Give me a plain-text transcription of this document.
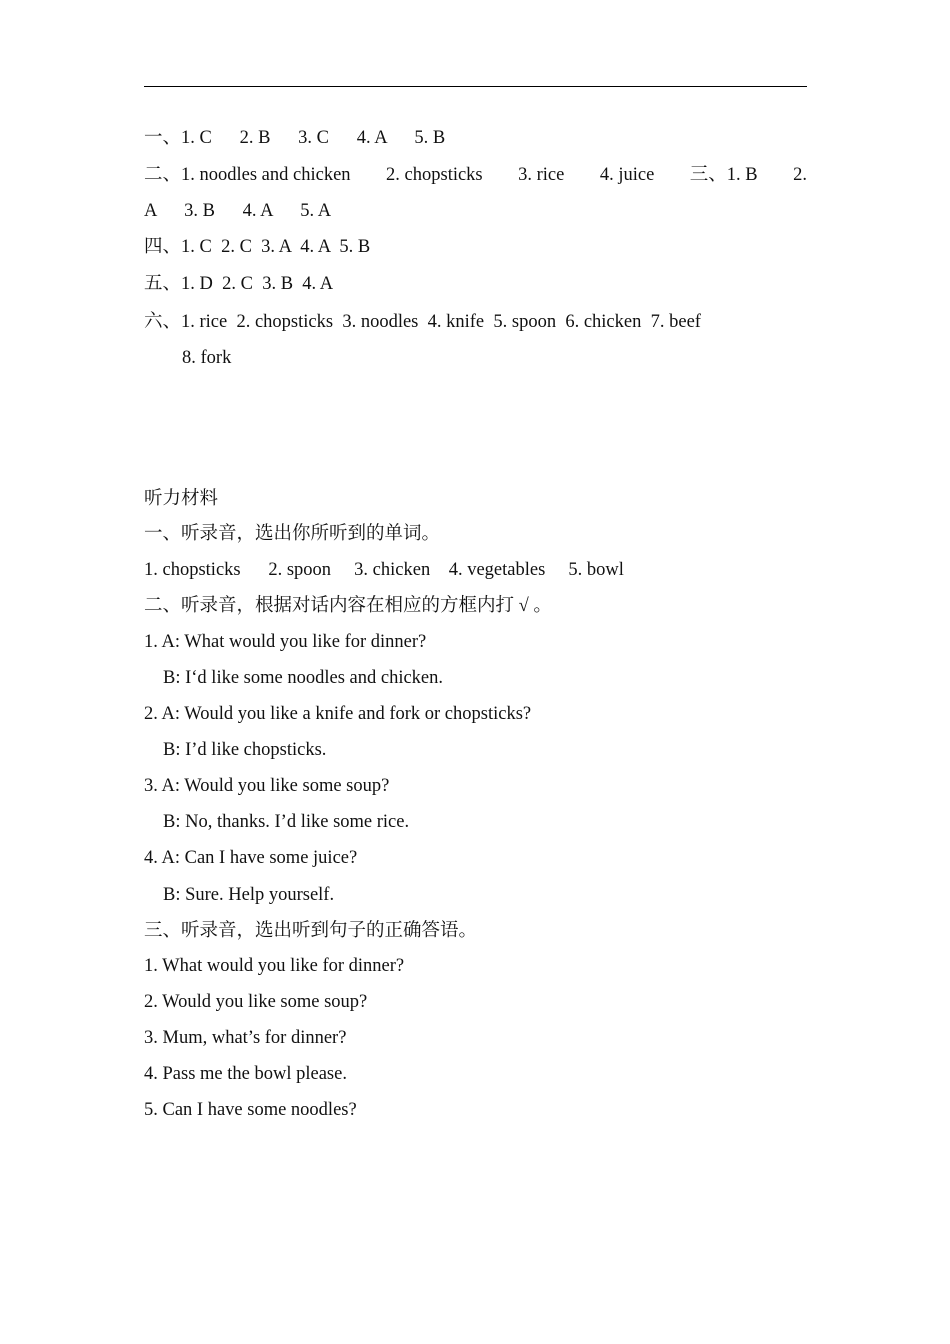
一、1. C      2. B      3. C      4. A      5. B
二、1. noodles and chicken 2. chopsticks 3. rice 4. juice 三、1. B 2.
A      3. B      4. A      5. A
四、1. C  2. C  3. A  4. A  5. B
五、1. D  2. C  3. B  4. A
六、1. rice  2. chopsticks  3. noodles  4. knife  5. spoon  6. chicken  7. beef
8. fork
听力材料
一、听录音，选出你所听到的单词。
1. chopsticks      2. spoon     3. chicken    4. vegetables     5. bowl
二、听录音，根据对话内容在相应的方框内打 √ 。
1. A: What would you like for dinner?
B: I‘d like some noodles and chicken.
2. A: Would you like a knife and fork or chopsticks?
B: I’d like chopsticks.
3. A: Would you like some soup?
B: No, thanks. I’d like some rice.
4. A: Can I have some juice?
B: Sure. Help yourself.
三、听录音，选出听到句子的正确答语。
1. What would you like for dinner?
2. Would you like some soup?
3. Mum, what’s for dinner?
4. Pass me the bowl please.
5. Can I have some noodles?
